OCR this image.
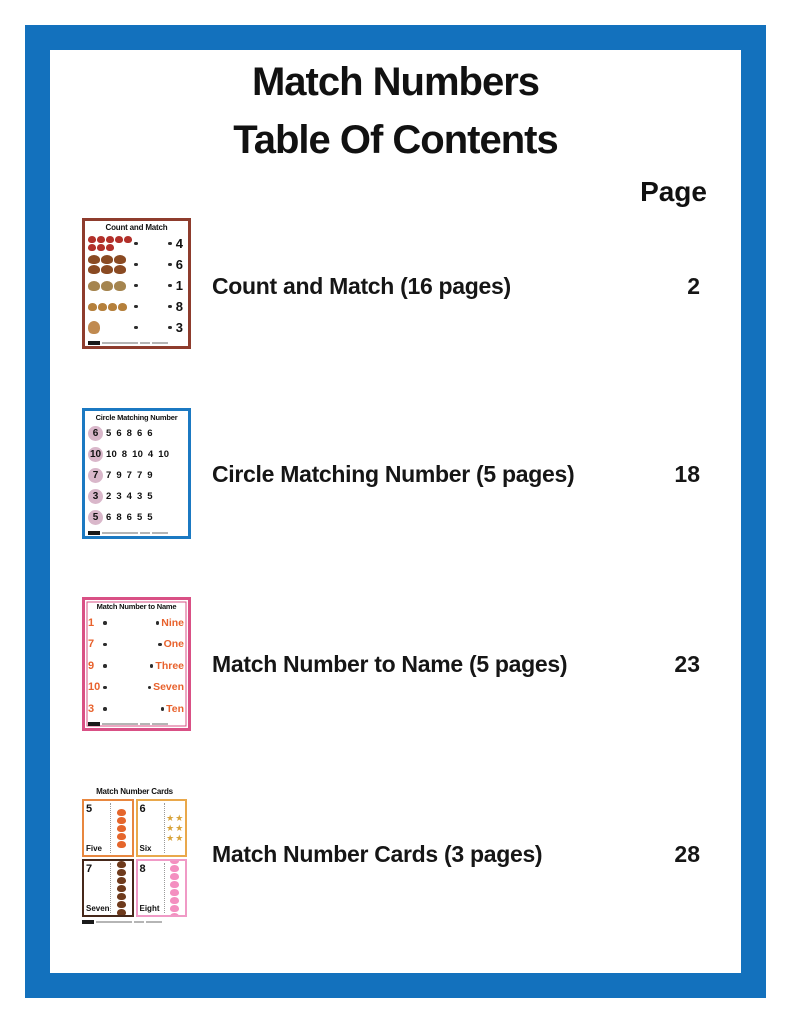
Match Numbers
Table Of Contents
Page
Count and Match (16 pages)	2
Count and Match
4
6
1
8
3
Circle Matching Number (5 pages)	18
Circle Matching Number
6 5 6 8 6 6
10 10 8 10 4 10
7 7 9 7 7 9
3 2 3 4 3 5
5 6 8 6 5 5
Match Number to Name (5 pages)	23
Match Number to Name
1	Nine
7	One
9	Three
10	Seven
3	Ten
Match Number Cards (3 pages)	28
Match Number Cards
5
Five
6
Six
★ ★
★ ★
★ ★
7
Seven
8
Eight
